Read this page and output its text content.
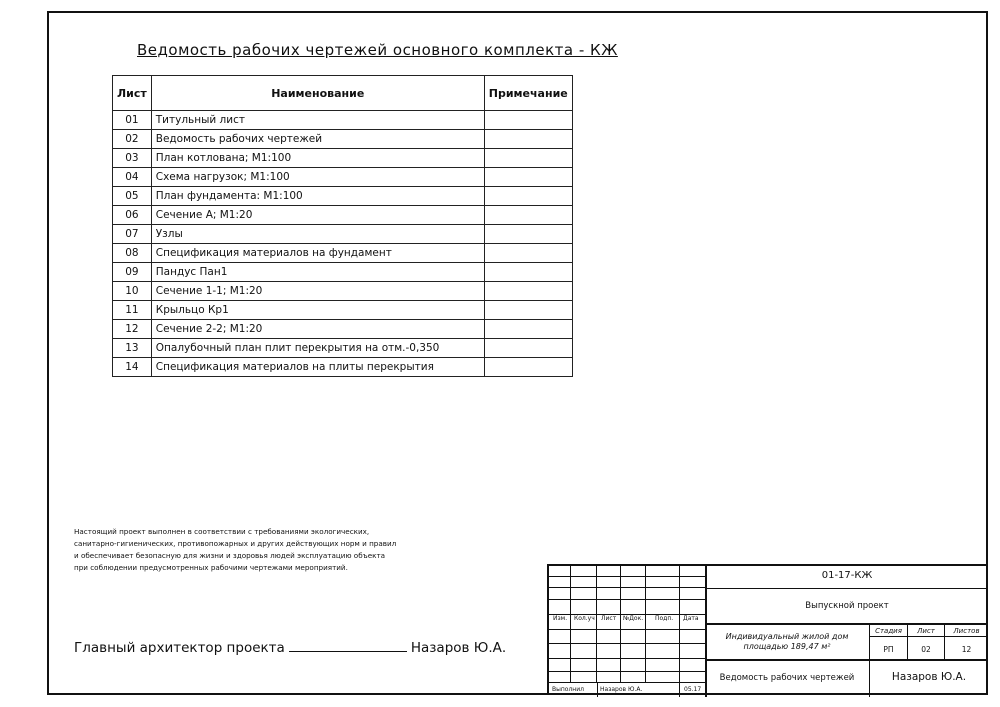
Ведомость рабочих чертежей основного комплекта - КЖ
Лист	Наименование	Примечание
01	Титульный лист	
02	Ведомость рабочих чертежей	
03	План котлована; М1:100	
04	Схема нагрузок; М1:100	
05	План фундамента: М1:100	
06	Сечение А; М1:20	
07	Узлы	
08	Спецификация материалов на фундамент	
09	Пандус Пан1	
10	Сечение 1-1; М1:20	
11	Крыльцо Кр1	
12	Сечение 2-2; М1:20	
13	Опалубочный план плит перекрытия на отм.-0,350	
14	Спецификация материалов на плиты перекрытия	
Настоящий проект выполнен в соответствии с требованиями экологических,
санитарно-гигиенических, противопожарных и других действующих норм и правил
и обеспечивает безопасную для жизни и здоровья людей эксплуатацию объекта
при соблюдении предусмотренных рабочими чертежами мероприятий.
Главный архитектор проекта	Назаров Ю.А.
Изм. Кол.уч Лист №Док. Подп. Дата
Выполнил	Назаров Ю.А.	05.17
01-17-КЖ
Выпускной проект
Индивидуальный жилой дом
площадью 189,47 м²
Стадия	Лист	Листов
РП	02	12
Ведомость рабочих чертежей	Назаров Ю.А.
